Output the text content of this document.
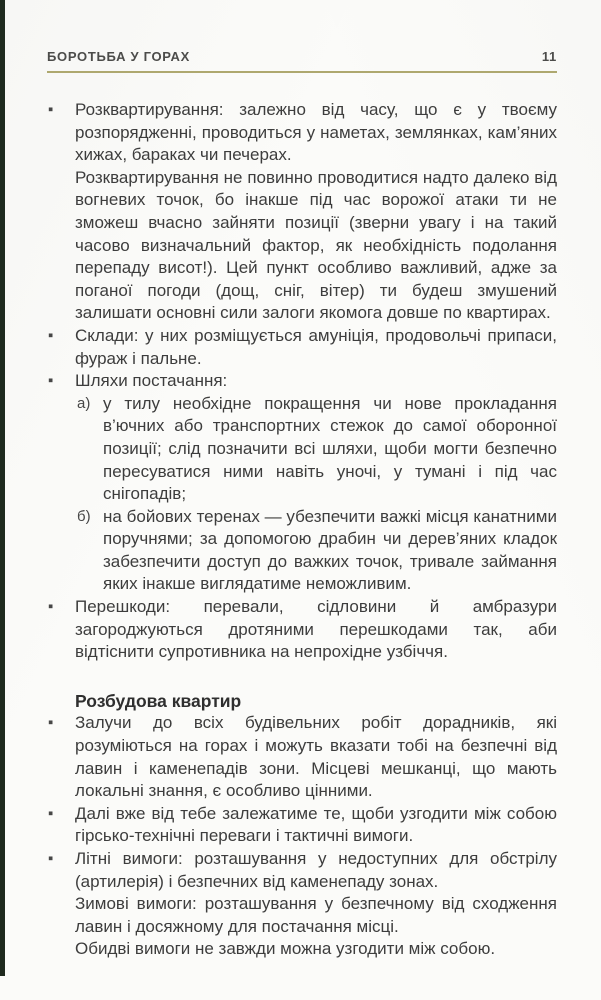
БОРОТЬБА У ГОРАХ	11
▪	Розквартирування: залежно від часу, що є у твоєму розпорядженні, проводиться у наметах, землянках, кам’яних хижах, бараках чи печерах.
Розквартирування не повинно проводитися надто далеко від вогневих точок, бо інакше під час ворожої атаки ти не зможеш вчасно зайняти позиції (зверни увагу і на такий часово визначальний фактор, як необхідність подолання перепаду висот!). Цей пункт особливо важливий, адже за поганої погоди (дощ, сніг, вітер) ти будеш змушений залишати основні сили залоги якомога довше по квартирах.
▪	Склади: у них розміщується амуніція, продовольчі припаси, фураж і пальне.
▪	Шляхи постачання:
а) у тилу необхідне покращення чи нове прокладання в’ючних або транспортних стежок до самої оборонної позиції; слід позначити всі шляхи, щоби могти безпечно пересуватися ними навіть уночі, у тумані і під час снігопадів;
б) на бойових теренах — убезпечити важкі місця канатними поручнями; за допомогою драбин чи дерев’яних кладок забезпечити доступ до важких точок, тривале займання яких інакше виглядатиме неможливим.
▪	Перешкоди: перевали, сідловини й амбразури загороджуються дротяними перешкодами так, аби відтіснити супротивника на непрохідне узбіччя.
Розбудова квартир
▪	Залучи до всіх будівельних робіт дорадників, які розуміються на горах і можуть вказати тобі на безпечні від лавин і каменепадів зони. Місцеві мешканці, що мають локальні знання, є особливо цінними.
▪	Далі вже від тебе залежатиме те, щоби узгодити між собою гірсько-технічні переваги і тактичні вимоги.
▪	Літні вимоги: розташування у недоступних для обстрілу (артилерія) і безпечних від каменепаду зонах.
Зимові вимоги: розташування у безпечному від сходження лавин і досяжному для постачання місці.
Обидві вимоги не завжди можна узгодити між собою.
